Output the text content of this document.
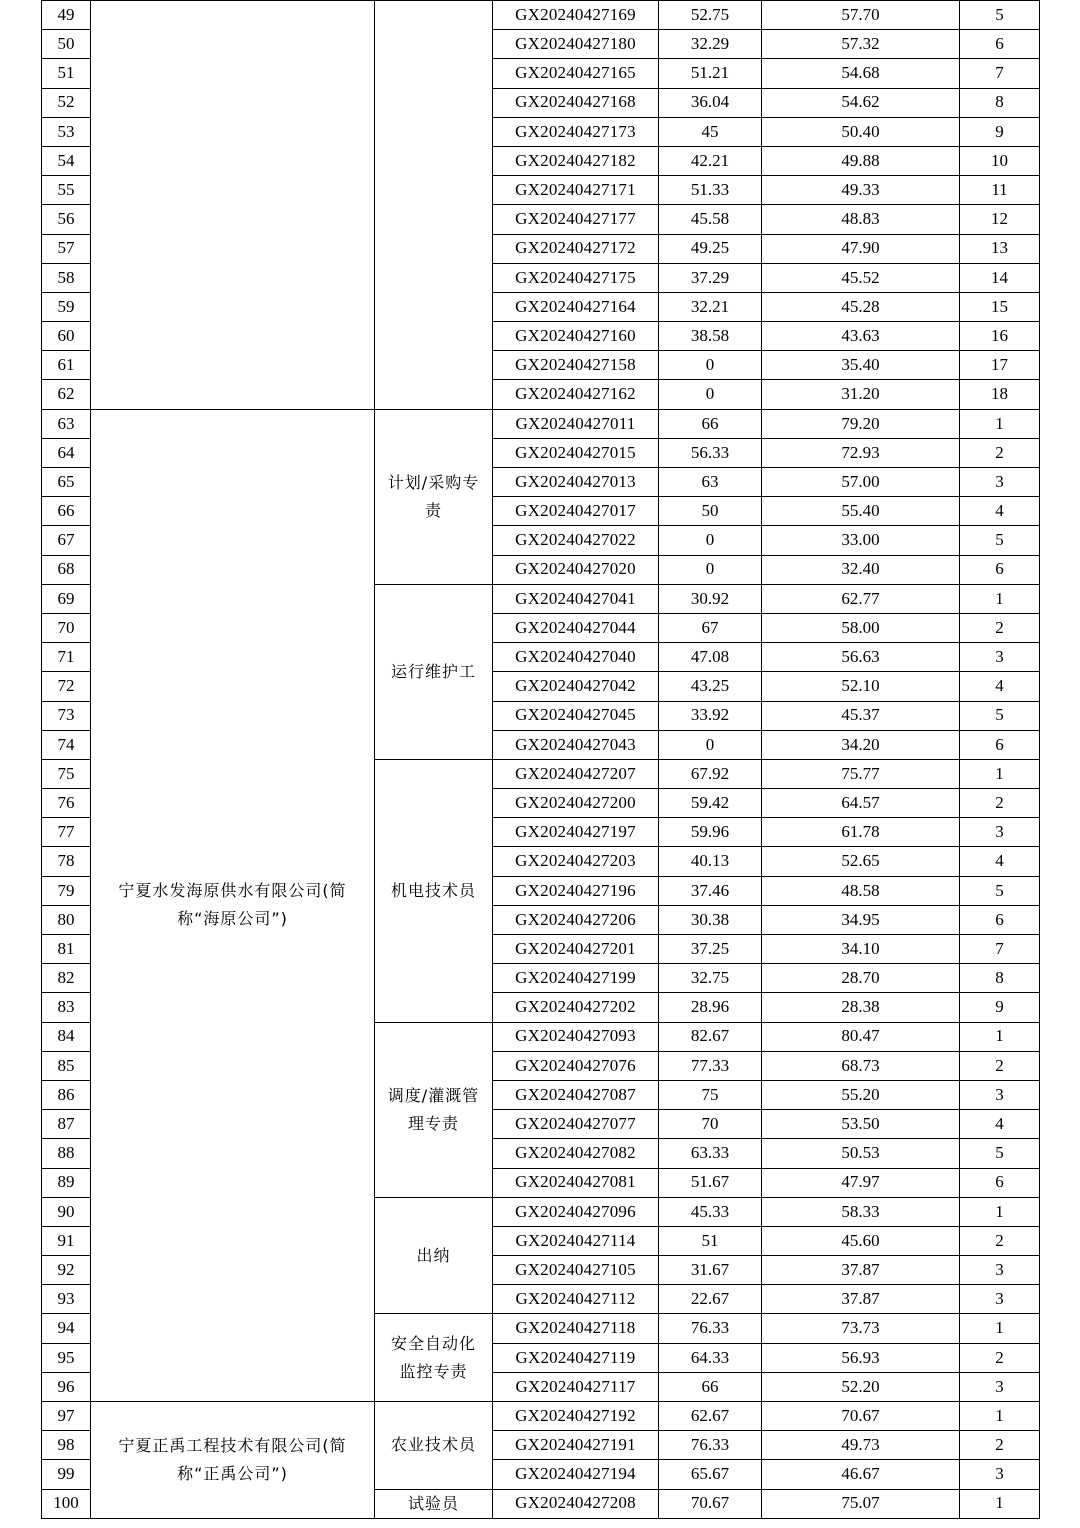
49			GX20240427169	52.75	57.70	5
50			GX20240427180	32.29	57.32	6
51			GX20240427165	51.21	54.68	7
52			GX20240427168	36.04	54.62	8
53			GX20240427173	45	50.40	9
54			GX20240427182	42.21	49.88	10
55			GX20240427171	51.33	49.33	11
56			GX20240427177	45.58	48.83	12
57			GX20240427172	49.25	47.90	13
58			GX20240427175	37.29	45.52	14
59			GX20240427164	32.21	45.28	15
60			GX20240427160	38.58	43.63	16
61			GX20240427158	0	35.40	17
62			GX20240427162	0	31.20	18
63	宁夏水发海原供水有限公司(简称“海原公司”)	计划/采购专责	GX20240427011	66	79.20	1
64			GX20240427015	56.33	72.93	2
65			GX20240427013	63	57.00	3
66			GX20240427017	50	55.40	4
67			GX20240427022	0	33.00	5
68			GX20240427020	0	32.40	6
69		运行维护工	GX20240427041	30.92	62.77	1
70			GX20240427044	67	58.00	2
71			GX20240427040	47.08	56.63	3
72			GX20240427042	43.25	52.10	4
73			GX20240427045	33.92	45.37	5
74			GX20240427043	0	34.20	6
75		机电技术员	GX20240427207	67.92	75.77	1
76			GX20240427200	59.42	64.57	2
77			GX20240427197	59.96	61.78	3
78			GX20240427203	40.13	52.65	4
79			GX20240427196	37.46	48.58	5
80			GX20240427206	30.38	34.95	6
81			GX20240427201	37.25	34.10	7
82			GX20240427199	32.75	28.70	8
83			GX20240427202	28.96	28.38	9
84		调度/灌溉管理专责	GX20240427093	82.67	80.47	1
85			GX20240427076	77.33	68.73	2
86			GX20240427087	75	55.20	3
87			GX20240427077	70	53.50	4
88			GX20240427082	63.33	50.53	5
89			GX20240427081	51.67	47.97	6
90		出纳	GX20240427096	45.33	58.33	1
91			GX20240427114	51	45.60	2
92			GX20240427105	31.67	37.87	3
93			GX20240427112	22.67	37.87	3
94		安全自动化监控专责	GX20240427118	76.33	73.73	1
95			GX20240427119	64.33	56.93	2
96			GX20240427117	66	52.20	3
97	宁夏正禹工程技术有限公司(简称“正禹公司”)	农业技术员	GX20240427192	62.67	70.67	1
98			GX20240427191	76.33	49.73	2
99			GX20240427194	65.67	46.67	3
100		试验员	GX20240427208	70.67	75.07	1
